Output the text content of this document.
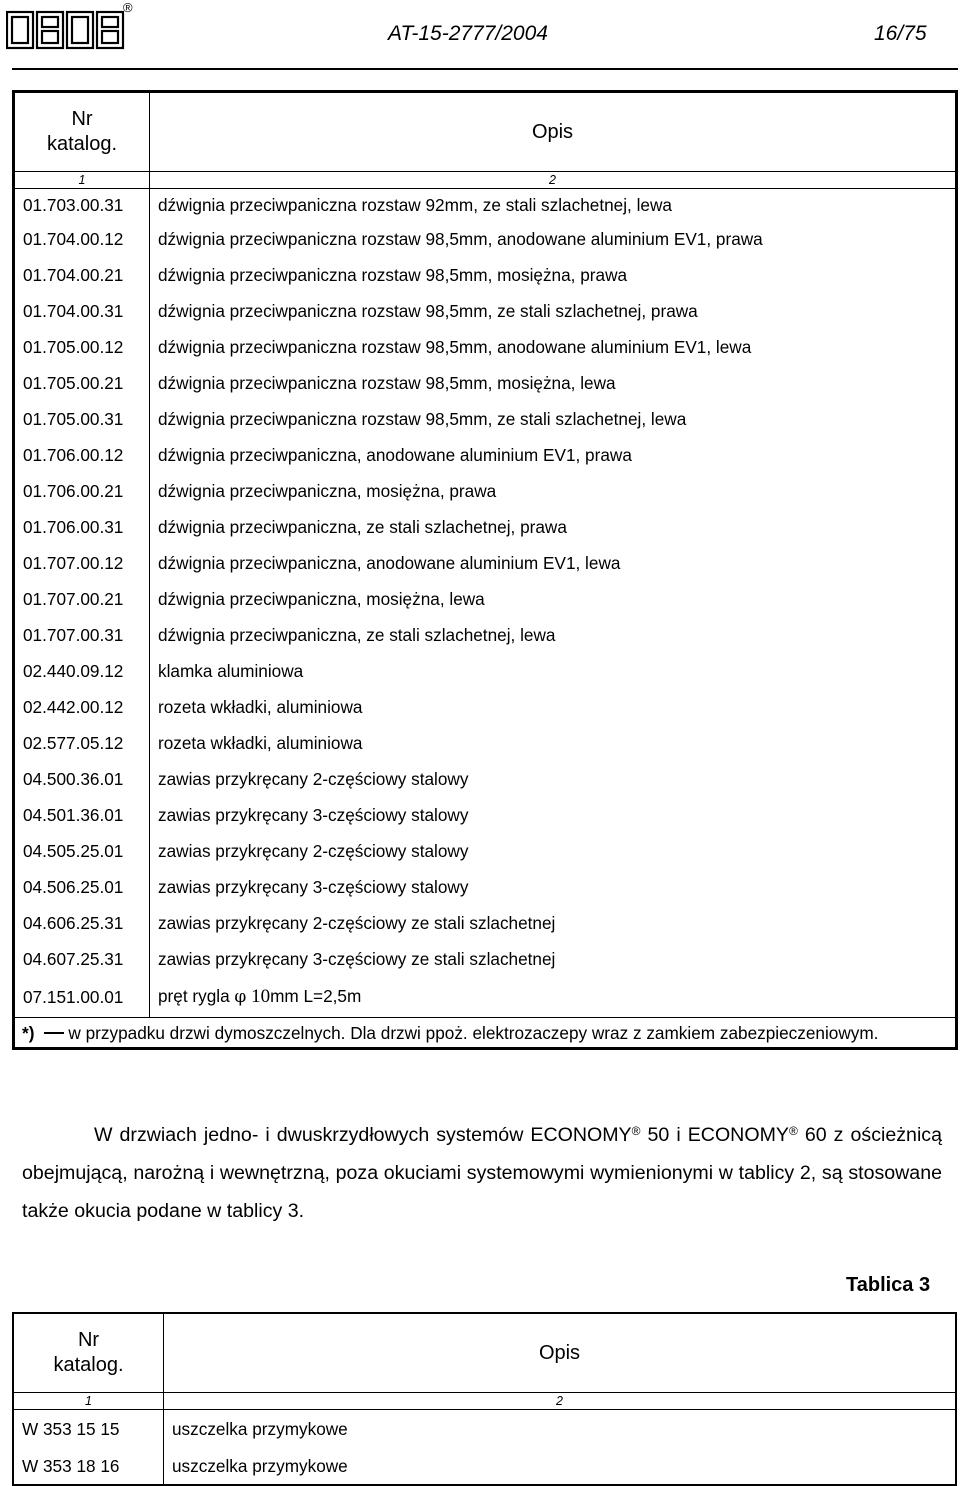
®
AT-15-2777/2004	16/75
Nr
katalog.	Opis
1	2
01.703.00.31	dźwignia przeciwpaniczna rozstaw 92mm, ze stali szlachetnej, lewa
01.704.00.12	dźwignia przeciwpaniczna rozstaw 98,5mm, anodowane aluminium EV1, prawa
01.704.00.21	dźwignia przeciwpaniczna rozstaw 98,5mm, mosiężna, prawa
01.704.00.31	dźwignia przeciwpaniczna rozstaw 98,5mm, ze stali szlachetnej, prawa
01.705.00.12	dźwignia przeciwpaniczna rozstaw 98,5mm, anodowane aluminium EV1, lewa
01.705.00.21	dźwignia przeciwpaniczna rozstaw 98,5mm, mosiężna, lewa
01.705.00.31	dźwignia przeciwpaniczna rozstaw 98,5mm, ze stali szlachetnej, lewa
01.706.00.12	dźwignia przeciwpaniczna, anodowane aluminium EV1, prawa
01.706.00.21	dźwignia przeciwpaniczna, mosiężna, prawa
01.706.00.31	dźwignia przeciwpaniczna, ze stali szlachetnej, prawa
01.707.00.12	dźwignia przeciwpaniczna, anodowane aluminium EV1, lewa
01.707.00.21	dźwignia przeciwpaniczna, mosiężna, lewa
01.707.00.31	dźwignia przeciwpaniczna, ze stali szlachetnej, lewa
02.440.09.12	klamka aluminiowa
02.442.00.12	rozeta wkładki, aluminiowa
02.577.05.12	rozeta wkładki, aluminiowa
04.500.36.01	zawias przykręcany 2-częściowy stalowy
04.501.36.01	zawias przykręcany 3-częściowy stalowy
04.505.25.01	zawias przykręcany 2-częściowy stalowy
04.506.25.01	zawias przykręcany 3-częściowy stalowy
04.606.25.31	zawias przykręcany 2-częściowy ze stali szlachetnej
04.607.25.31	zawias przykręcany 3-częściowy ze stali szlachetnej
07.151.00.01	pręt rygla φ 10mm L=2,5m
*) w przypadku drzwi dymoszczelnych. Dla drzwi ppoż. elektrozaczepy wraz z zamkiem zabezpieczeniowym.	
W drzwiach jedno- i dwuskrzydłowych systemów ECONOMY® 50 i ECONOMY® 60 z ościeżnicą obejmującą, narożną i wewnętrzną, poza okuciami systemowymi wymienionymi w tablicy 2, są stosowane także okucia podane w tablicy 3.
Tablica 3
Nr
katalog.	Opis
1	2
W 353 15 15	uszczelka przymykowe
W 353 18 16	uszczelka przymykowe
